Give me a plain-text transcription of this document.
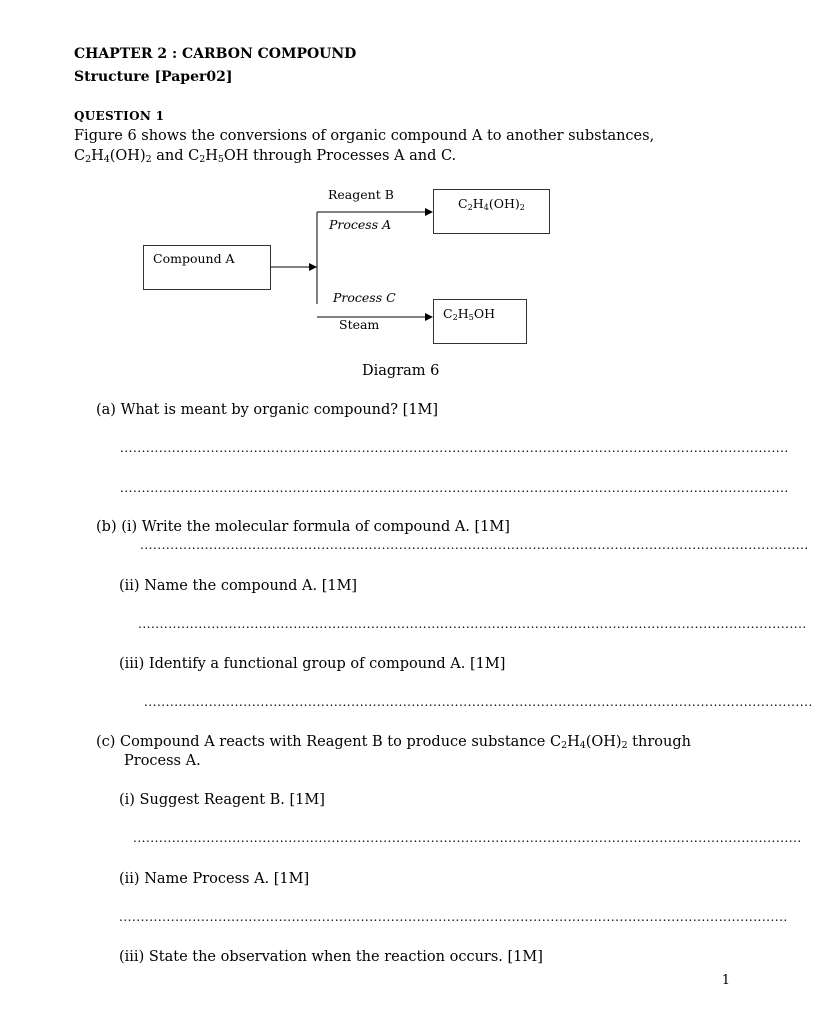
CHAPTER 2 : CARBON COMPOUND
Structure [Paper02]
QUESTION 1
Figure 6 shows the conversions of organic compound A to another substances,
$C_2H_4(OH)_2$ and $C_2H_5OH$ through Processes A and C.
Compound A
Reagent B
Process A
$C_2H_4(OH)_2$
Process C
Steam
$C_2H_5OH$
Diagram 6
(a) What is meant by organic compound? [1M]
...........................................................................................................................................................
...........................................................................................................................................................
(b) (i) Write the molecular formula of compound A. [1M]
...........................................................................................................................................................
(ii) Name the compound A. [1M]
...........................................................................................................................................................
(iii) Identify a functional group of compound A. [1M]
...........................................................................................................................................................
(c) Compound A reacts with Reagent B to produce substance $C_2H_4(OH)_2$ through
Process A.
(i) Suggest Reagent B. [1M]
...........................................................................................................................................................
(ii) Name Process A. [1M]
...........................................................................................................................................................
(iii) State the observation when the reaction occurs. [1M]
1
